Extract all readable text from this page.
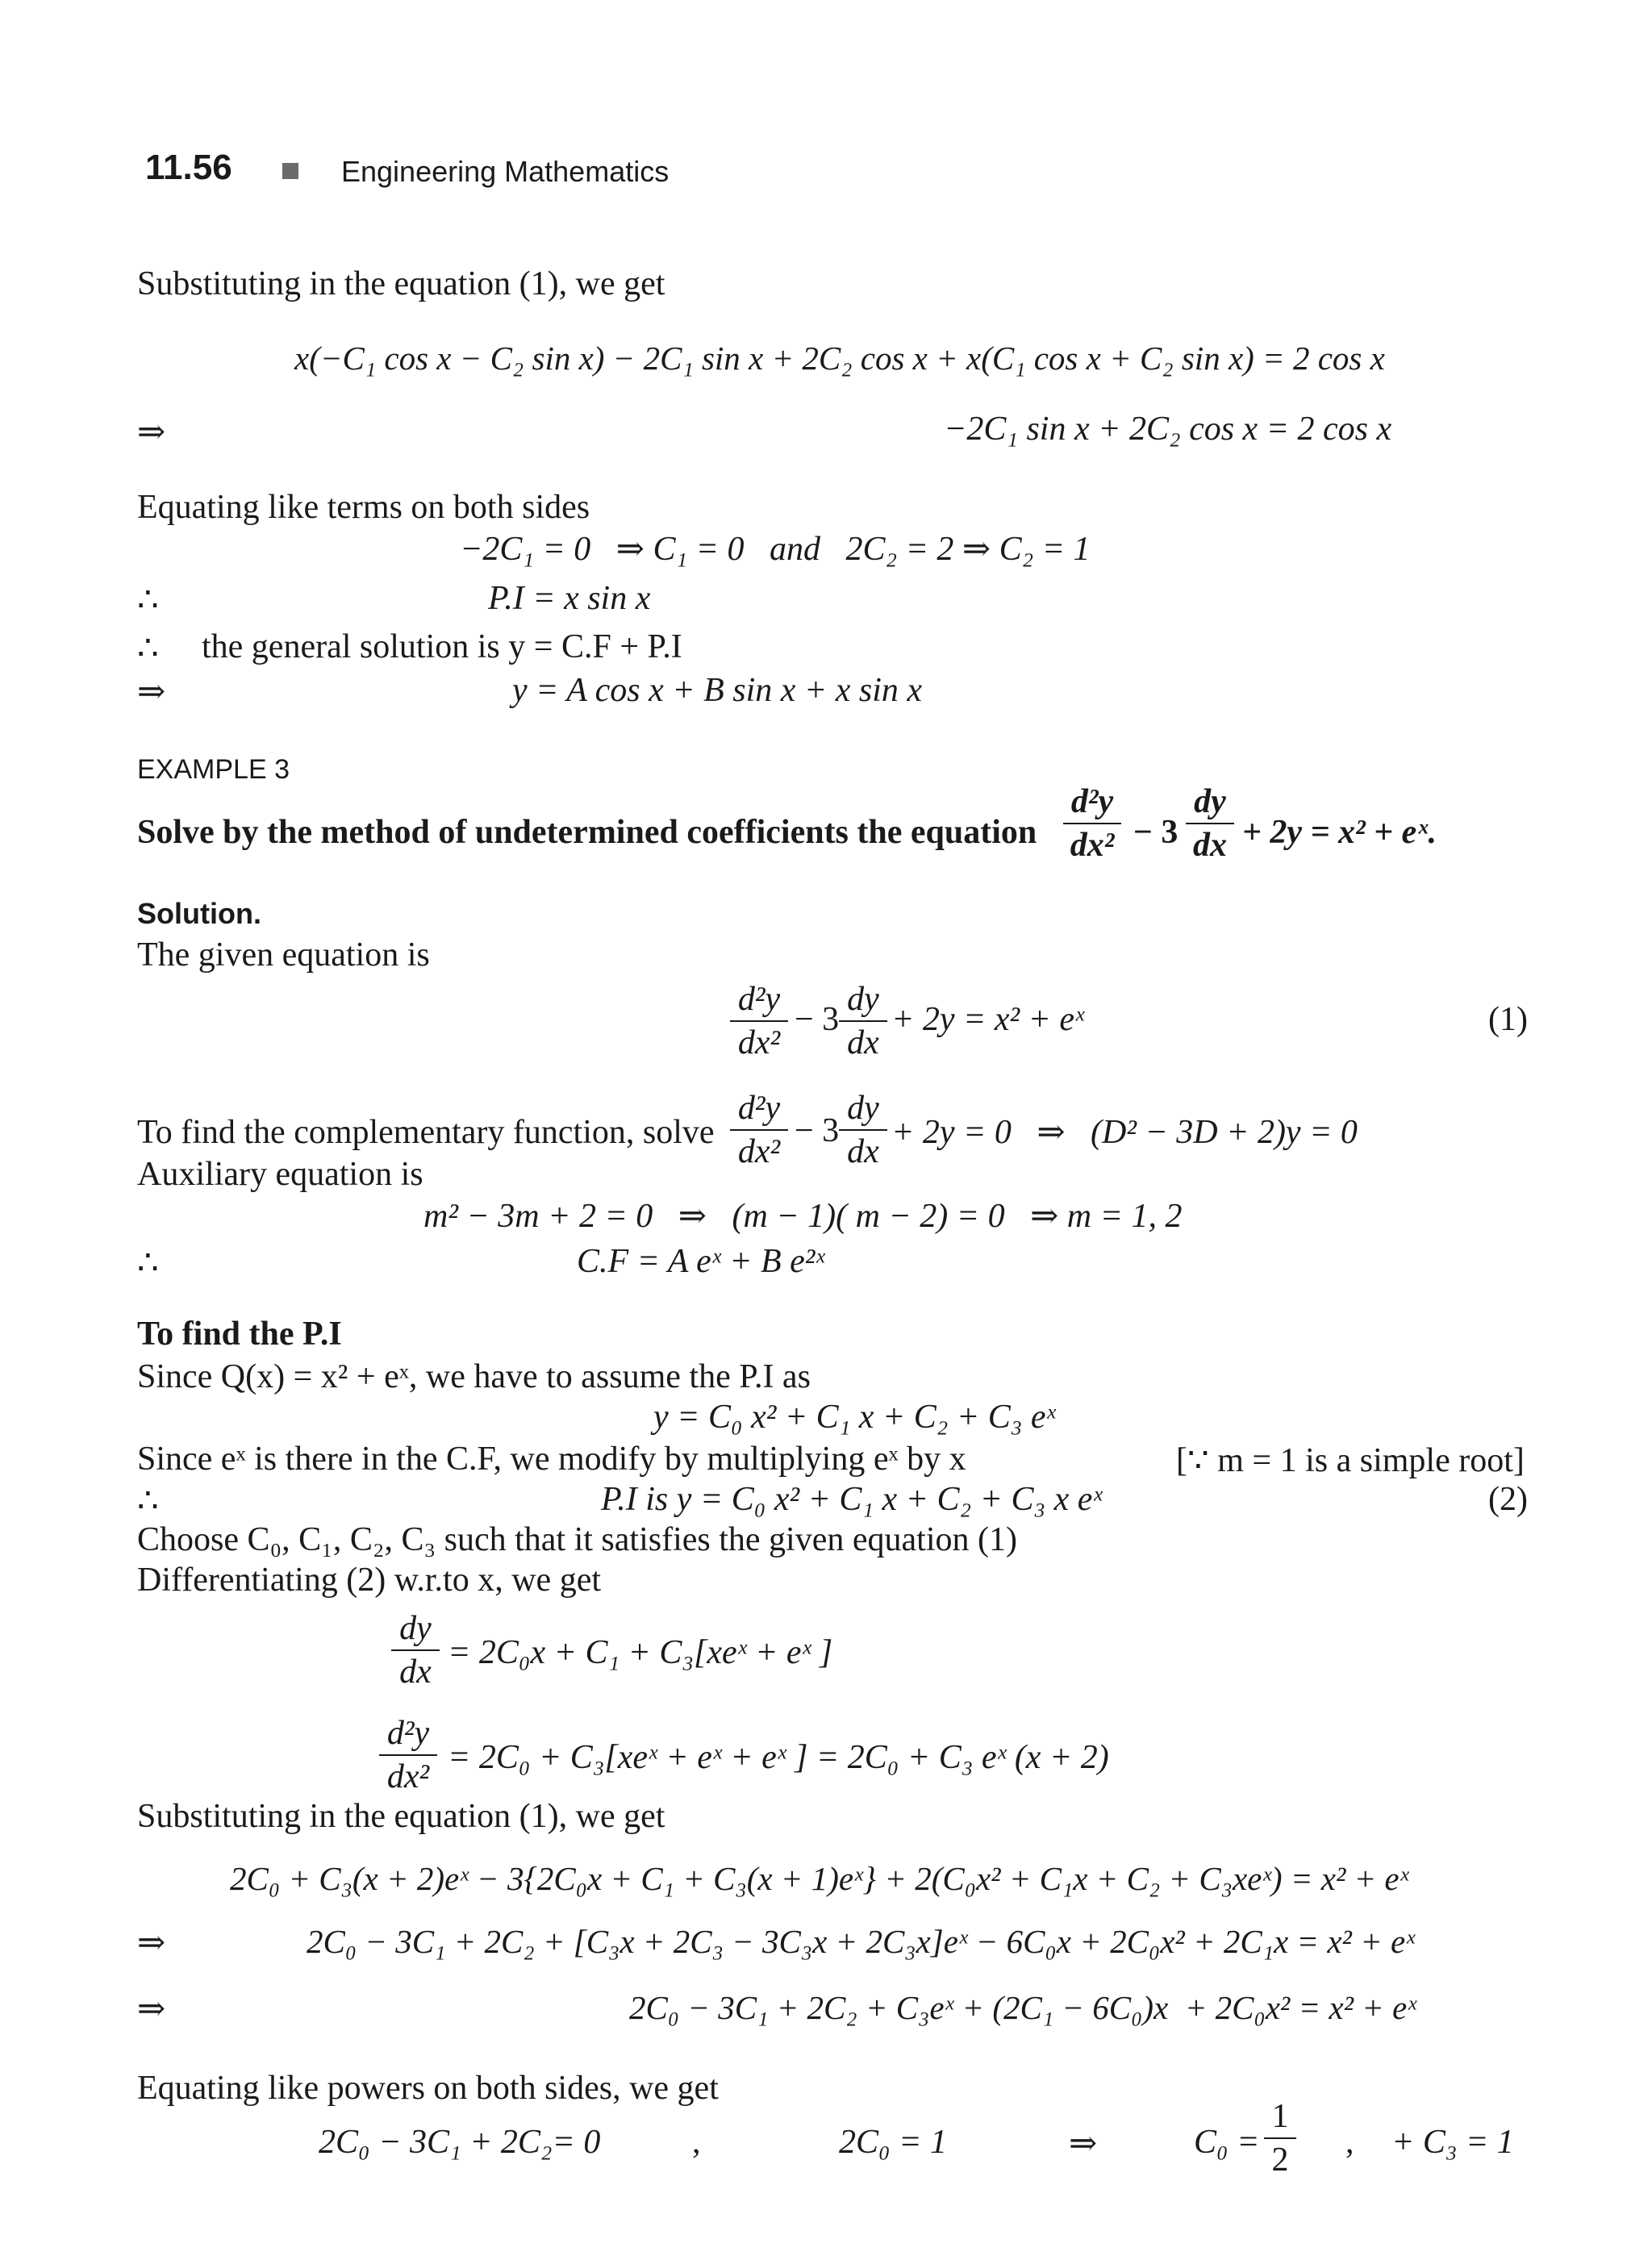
11.56	Engineering Mathematics
Substituting in the equation (1), we get
x(−C₁ cos x − C₂ sin x) − 2C₁ sin x + 2C₂ cos x + x(C₁ cos x + C₂ sin x) = 2 cos x
⇒	−2C₁ sin x + 2C₂ cos x = 2 cos x
Equating like terms on both sides
−2C₁ = 0   ⇒ C₁ = 0   and   2C₂ = 2 ⇒ C₂ = 1
∴	P.I = x sin x
∴ the general solution is y = C.F + P.I
⇒	y = A cos x + B sin x + x sin x
EXAMPLE 3
Solve by the method of undetermined coefficients the equation
d²y
dx² − 3
dy
dx + 2y = x² + eˣ.
Solution.
The given equation is
d²y
dx²
− 3
dy
dx
+ 2y = x² + eˣ	(1)
To find the complementary function, solve
d²y
dx²
− 3
dy
dx
+ 2y = 0   ⇒   (D² − 3D + 2)y = 0
Auxiliary equation is
m² − 3m + 2 = 0   ⇒   (m − 1)( m − 2) = 0   ⇒ m = 1, 2
∴	C.F = A eˣ + B e²ˣ
To find the P.I
Since Q(x) = x² + eˣ, we have to assume the P.I as
y = C₀ x² + C₁ x + C₂ + C₃ eˣ
Since eˣ is there in the C.F, we modify by multiplying eˣ by x	[∵ m = 1 is a simple root]
∴	P.I is y = C₀ x² + C₁ x + C₂ + C₃ x eˣ	(2)
Choose C₀, C₁, C₂, C₃ such that it satisfies the given equation (1)
Differentiating (2) w.r.to x, we get
dy
dx
= 2C₀x + C₁ + C₃[xeˣ + eˣ ]
d²y
dx²
= 2C₀ + C₃[xeˣ + eˣ + eˣ ] = 2C₀ + C₃ eˣ (x + 2)
Substituting in the equation (1), we get
2C₀ + C₃(x + 2)eˣ − 3{2C₀x + C₁ + C₃(x + 1)eˣ} + 2(C₀x² + C₁x + C₂ + C₃xeˣ) = x² + eˣ
⇒	2C₀ − 3C₁ + 2C₂ + [C₃x + 2C₃ − 3C₃x + 2C₃x]eˣ − 6C₀x + 2C₀x² + 2C₁x = x² + eˣ
⇒	2C₀ − 3C₁ + 2C₂ + C₃eˣ + (2C₁ − 6C₀)x  + 2C₀x² = x² + eˣ
Equating like powers on both sides, we get
2C₀ − 3C₁ + 2C₂= 0	,	2C₀ = 1	⇒	C₀ =
1
2 , + C₃ = 1
